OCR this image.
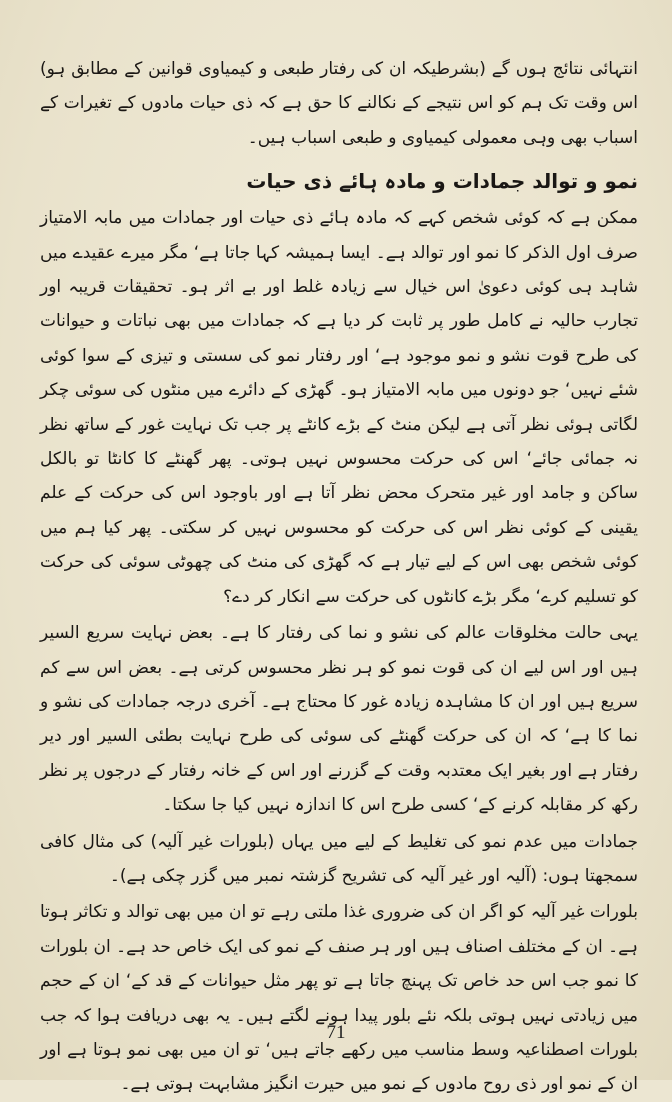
انتہائی نتائج ہوں گے (بشرطیکہ ان کی رفتار طبعی و کیمیاوی قوانین کے مطابق ہو) اس وقت تک ہم کو اس نتیجے کے نکالنے کا حق ہے کہ ذی حیات مادوں کے تغیرات کے اسباب بھی وہی معمولی کیمیاوی و طبعی اسباب ہیں۔

نمو و توالد جمادات و مادہ ہائے ذی حیات

ممکن ہے کہ کوئی شخص کہے کہ مادہ ہائے ذی حیات اور جمادات میں مابہ الامتیاز صرف اول الذکر کا نمو اور توالد ہے۔ ایسا ہمیشہ کہا جاتا ہے‘ مگر میرے عقیدے میں شاہد ہی کوئی دعویٰ اس خیال سے زیادہ غلط اور بے اثر ہو۔ تحقیقات قریبہ اور تجارب حالیہ نے کامل طور پر ثابت کر دیا ہے کہ جمادات میں بھی نباتات و حیوانات کی طرح قوت نشو و نمو موجود ہے‘ اور رفتار نمو کی سستی و تیزی کے سوا کوئی شئے نہیں‘ جو دونوں میں مابہ الامتیاز ہو۔ گھڑی کے دائرے میں منٹوں کی سوئی چکر لگاتی ہوئی نظر آتی ہے لیکن منٹ کے بڑے کانٹے پر جب تک نہایت غور کے ساتھ نظر نہ جمائی جائے‘ اس کی حرکت محسوس نہیں ہوتی۔ پھر گھنٹے کا کانٹا تو بالکل ساکن و جامد اور غیر متحرک محض نظر آتا ہے اور باوجود اس کی حرکت کے علم یقینی کے کوئی نظر اس کی حرکت کو محسوس نہیں کر سکتی۔ پھر کیا ہم میں کوئی شخص بھی اس کے لیے تیار ہے کہ گھڑی کی منٹ کی چھوٹی سوئی کی حرکت کو تسلیم کرے‘ مگر بڑے کانٹوں کی حرکت سے انکار کر دے؟

یہی حالت مخلوقات عالم کی نشو و نما کی رفتار کا ہے۔ بعض نہایت سریع السیر ہیں اور اس لیے ان کی قوت نمو کو ہر نظر محسوس کرتی ہے۔ بعض اس سے کم سریع ہیں اور ان کا مشاہدہ زیادہ غور کا محتاج ہے۔ آخری درجہ جمادات کی نشو و نما کا ہے‘ کہ ان کی حرکت گھنٹے کی سوئی کی طرح نہایت بطئی السیر اور دیر رفتار ہے اور بغیر ایک معتدبہ وقت کے گزرنے اور اس کے خانہ رفتار کے درجوں پر نظر رکھ کر مقابلہ کرنے کے‘ کسی طرح اس کا اندازہ نہیں کیا جا سکتا۔

جمادات میں عدم نمو کی تغلیط کے لیے میں یہاں (بلورات غیر آلیہ) کی مثال کافی سمجھتا ہوں: (آلیہ اور غیر آلیہ کی تشریح گزشتہ نمبر میں گزر چکی ہے)۔

بلورات غیر آلیہ کو اگر ان کی ضروری غذا ملتی رہے تو ان میں بھی توالد و تکاثر ہوتا ہے۔ ان کے مختلف اصناف ہیں اور ہر صنف کے نمو کی ایک خاص حد ہے۔ ان بلورات کا نمو جب اس حد خاص تک پہنچ جاتا ہے تو پھر مثل حیوانات کے قد کے‘ ان کے حجم میں زیادتی نہیں ہوتی بلکہ نئے بلور پیدا ہونے لگتے ہیں۔ یہ بھی دریافت ہوا کہ جب بلورات اصطناعیہ وسط مناسب میں رکھے جاتے ہیں‘ تو ان میں بھی نمو ہوتا ہے اور ان کے نمو اور ذی روح مادوں کے نمو میں حیرت انگیز مشابہت ہوتی ہے۔

71
